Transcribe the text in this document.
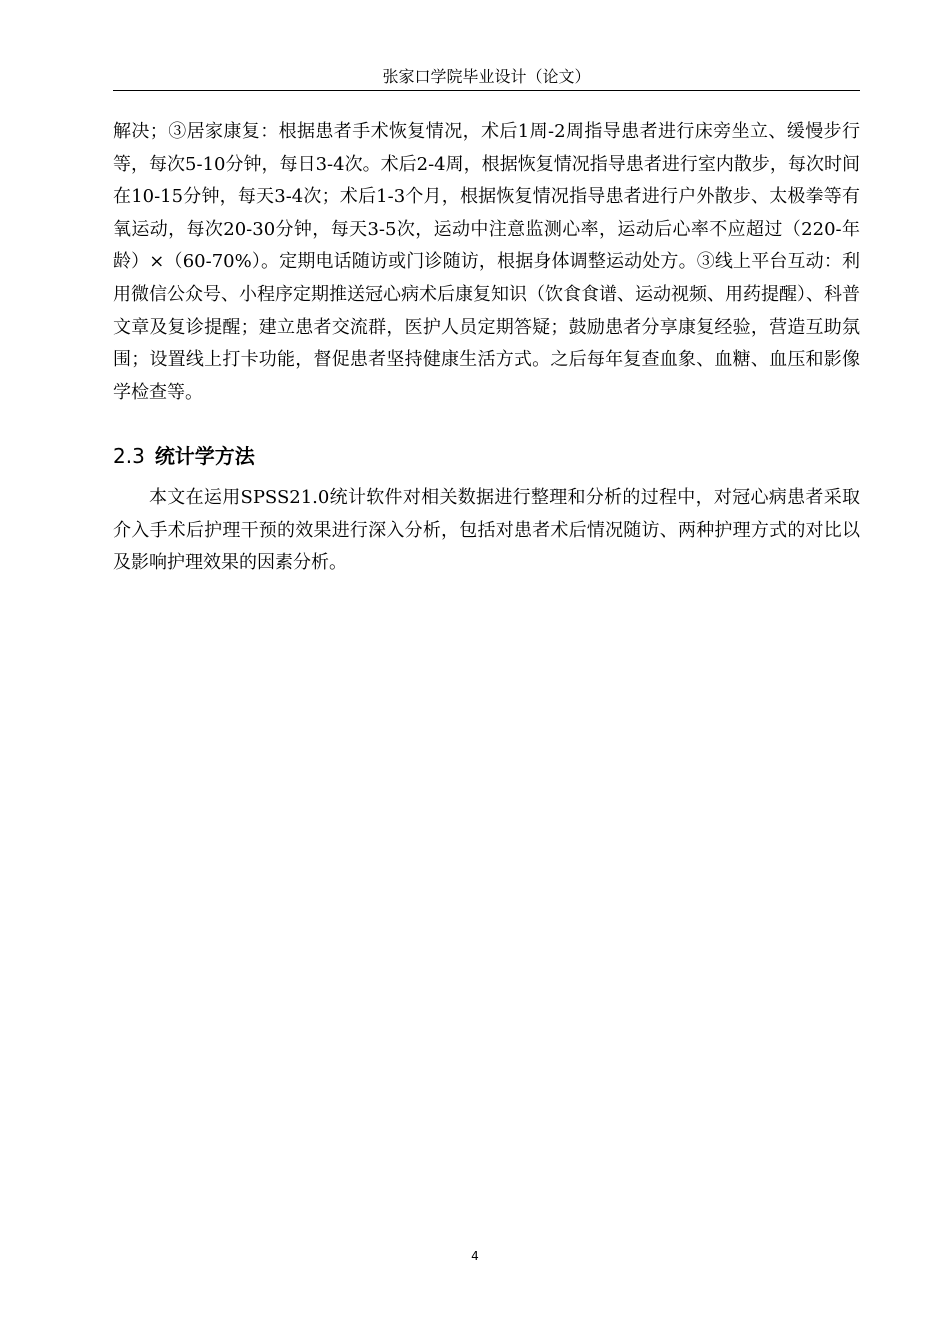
张家口学院毕业设计（论文）

解决；③居家康复：根据患者手术恢复情况，术后1周-2周指导患者进行床旁坐立、缓慢步行等，每次5-10分钟，每日3-4次。术后2-4周，根据恢复情况指导患者进行室内散步，每次时间在10-15分钟，每天3-4次；术后1-3个月，根据恢复情况指导患者进行户外散步、太极拳等有氧运动，每次20-30分钟，每天3-5次，运动中注意监测心率，运动后心率不应超过（220-年龄）×（60-70%）。定期电话随访或门诊随访，根据身体调整运动处方。③线上平台互动：利用微信公众号、小程序定期推送冠心病术后康复知识（饮食食谱、运动视频、用药提醒）、科普文章及复诊提醒；建立患者交流群，医护人员定期答疑；鼓励患者分享康复经验，营造互助氛围；设置线上打卡功能，督促患者坚持健康生活方式。之后每年复查血象、血糖、血压和影像学检查等。

2.3 统计学方法

本文在运用SPSS21.0统计软件对相关数据进行整理和分析的过程中，对冠心病患者采取介入手术后护理干预的效果进行深入分析，包括对患者术后情况随访、两种护理方式的对比以及影响护理效果的因素分析。

4
